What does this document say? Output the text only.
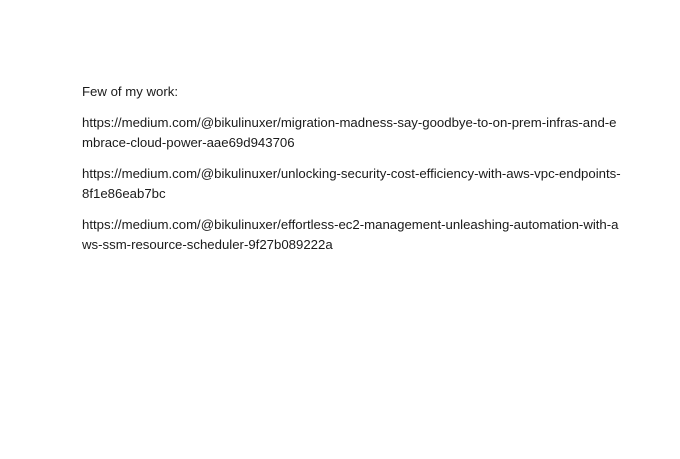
Few of my work:

https://medium.com/@bikulinuxer/migration-madness-say-goodbye-to-on-prem-infras-and-e
mbrace-cloud-power-aae69d943706
https://medium.com/@bikulinuxer/unlocking-security-cost-efficiency-with-aws-vpc-endpoints-
8f1e86eab7bc
https://medium.com/@bikulinuxer/effortless-ec2-management-unleashing-automation-with-a
ws-ssm-resource-scheduler-9f27b089222a
